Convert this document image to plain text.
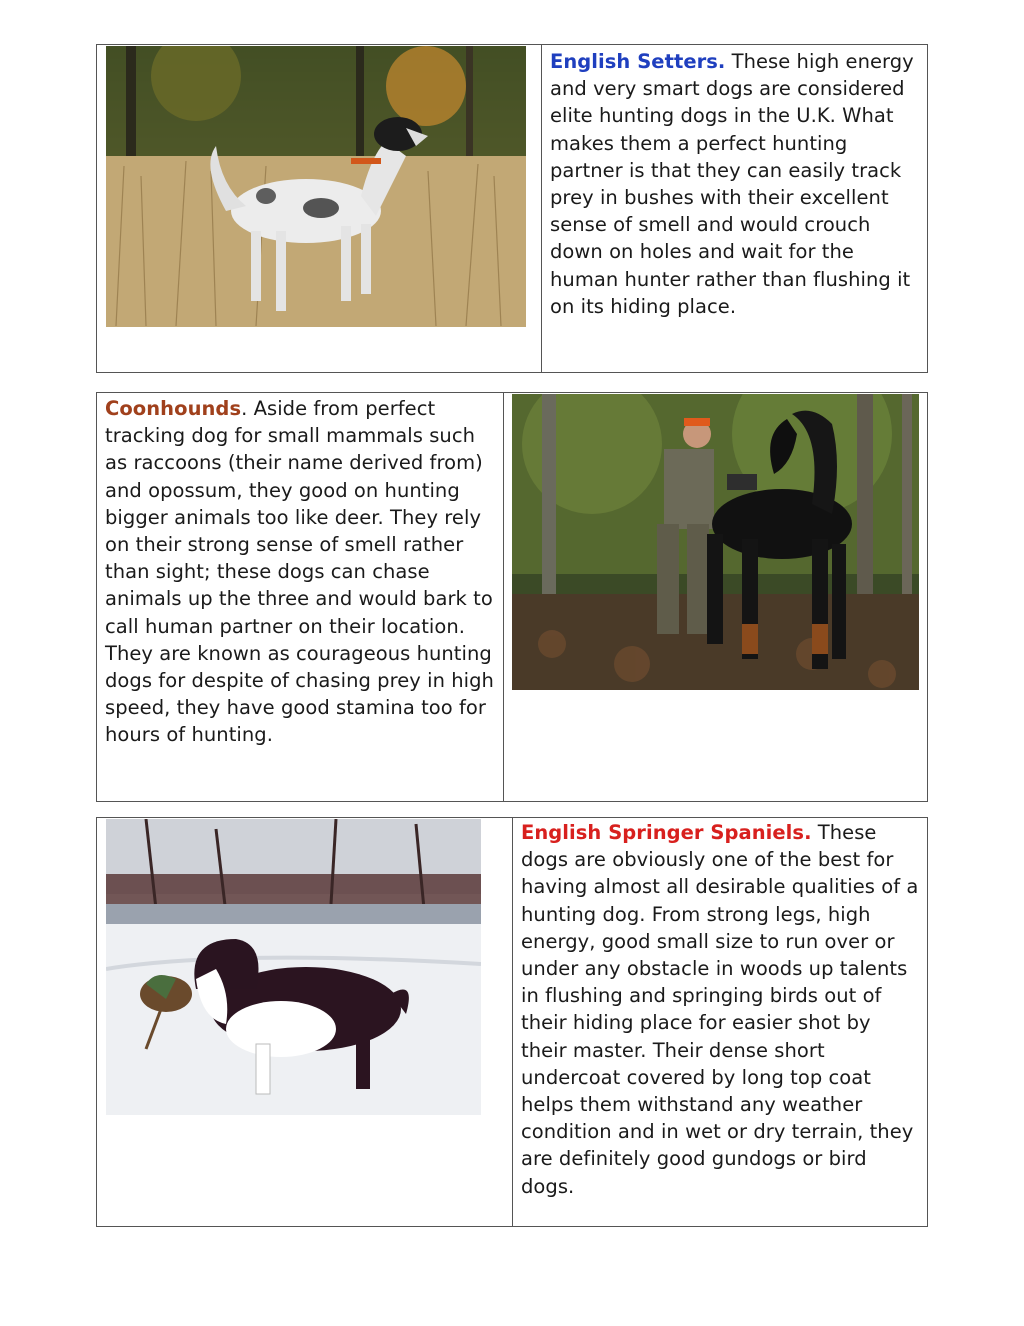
English Setters. These high energy and very smart dogs are considered elite hunting dogs in the U.K. What makes them a perfect hunting partner is that they can easily track prey in bushes with their excellent sense of smell and would crouch down on holes and wait for the human hunter rather than flushing it on its hiding place.
Coonhounds. Aside from perfect tracking dog for small mammals such as raccoons (their name derived from) and opossum, they good on hunting bigger animals too like deer. They rely on their strong sense of smell rather than sight; these dogs can chase animals up the three and would bark to call human partner on their location. They are known as courageous hunting dogs for despite of chasing prey in high speed, they have good stamina too for hours of hunting.
English Springer Spaniels. These dogs are obviously one of the best for having almost all desirable qualities of a hunting dog. From strong legs, high energy, good small size to run over or under any obstacle in woods up talents in flushing and springing birds out of their hiding place for easier shot by their master. Their dense short undercoat covered by long top coat helps them withstand any weather condition and in wet or dry terrain, they are definitely good gundogs or bird dogs.
